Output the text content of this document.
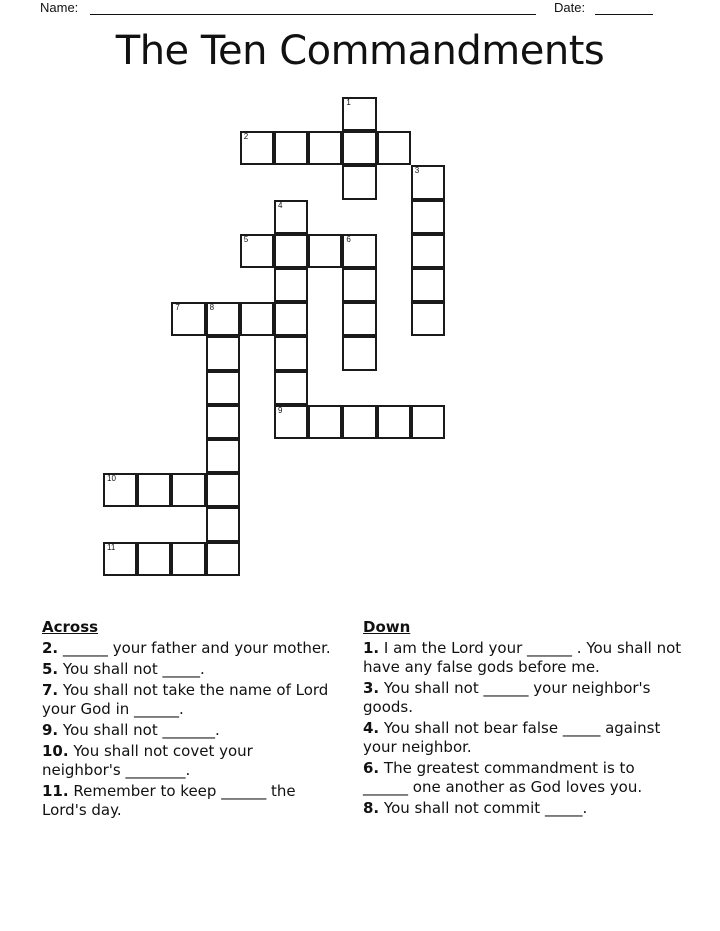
Name:	Date:
The Ten Commandments
1
2
3
4
5	6
7	8
9
10
11
Across
2. ______ your father and your mother.
5. You shall not _____.
7. You shall not take the name of Lord your God in ______.
9. You shall not _______.
10. You shall not covet your neighbor's ________.
11. Remember to keep ______ the Lord's day.
Down
1. I am the Lord your ______ . You shall not have any false gods before me.
3. You shall not ______ your neighbor's goods.
4. You shall not bear false _____ against your neighbor.
6. The greatest commandment is to ______ one another as God loves you.
8. You shall not commit _____.
